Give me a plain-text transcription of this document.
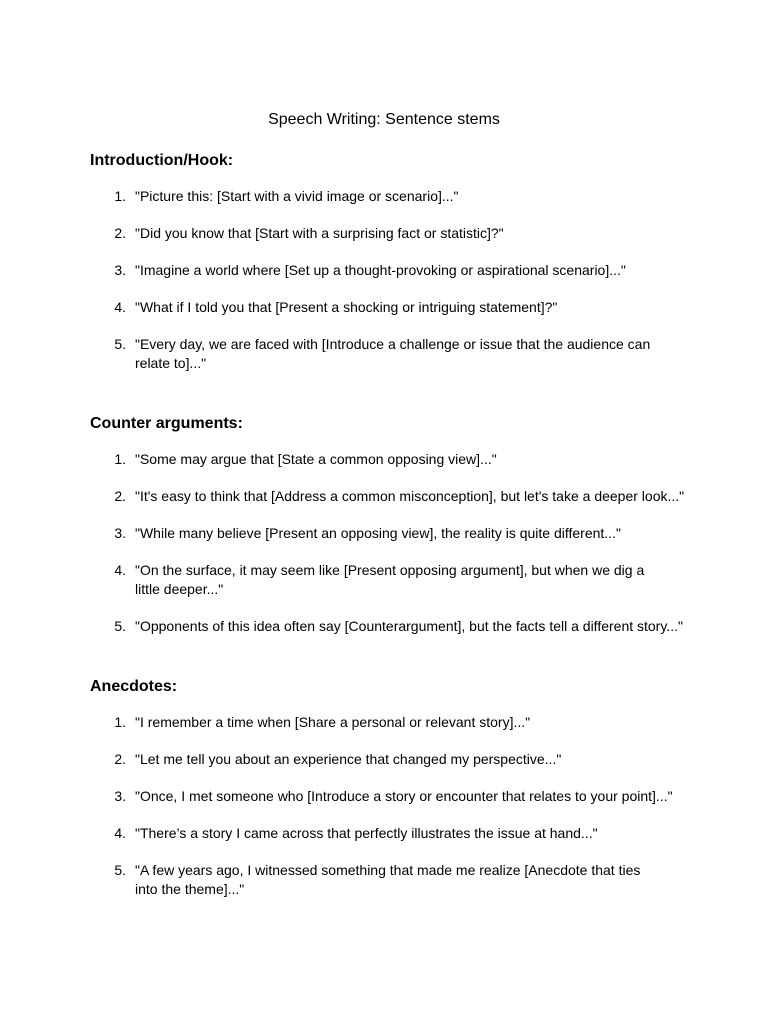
Speech Writing: Sentence stems
Introduction/Hook:
1. "Picture this: [Start with a vivid image or scenario]..."
2. "Did you know that [Start with a surprising fact or statistic]?"
3. "Imagine a world where [Set up a thought-provoking or aspirational scenario]..."
4. "What if I told you that [Present a shocking or intriguing statement]?"
5. "Every day, we are faced with [Introduce a challenge or issue that the audience can relate to]..."
Counter arguments:
1. "Some may argue that [State a common opposing view]..."
2. "It's easy to think that [Address a common misconception], but let's take a deeper look..."
3. "While many believe [Present an opposing view], the reality is quite different..."
4. "On the surface, it may seem like [Present opposing argument], but when we dig a little deeper..."
5. "Opponents of this idea often say [Counterargument], but the facts tell a different story..."
Anecdotes:
1. "I remember a time when [Share a personal or relevant story]..."
2. "Let me tell you about an experience that changed my perspective..."
3. "Once, I met someone who [Introduce a story or encounter that relates to your point]..."
4. "There’s a story I came across that perfectly illustrates the issue at hand..."
5. "A few years ago, I witnessed something that made me realize [Anecdote that ties into the theme]..."
